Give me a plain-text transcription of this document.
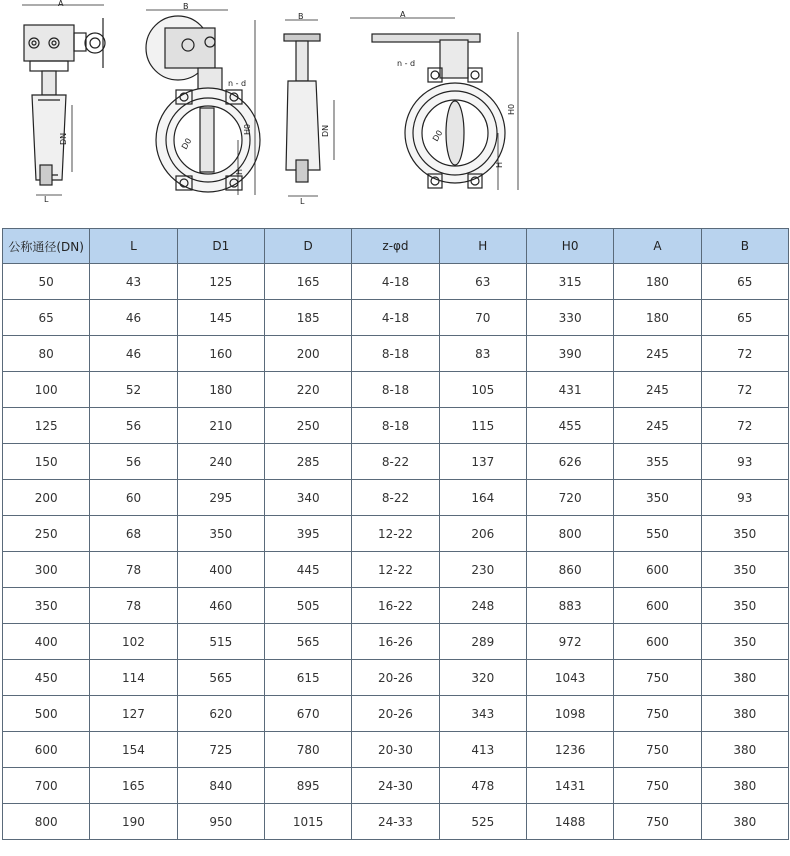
A
L
DN
B
n - d
D0
H0
H
B
L
DN
A
n - d
D0
H0
H
公称通径(DN)	L	D1	D	z-φd	H	H0	A	B
50	43	125	165	4-18	63	315	180	65
65	46	145	185	4-18	70	330	180	65
80	46	160	200	8-18	83	390	245	72
100	52	180	220	8-18	105	431	245	72
125	56	210	250	8-18	115	455	245	72
150	56	240	285	8-22	137	626	355	93
200	60	295	340	8-22	164	720	350	93
250	68	350	395	12-22	206	800	550	350
300	78	400	445	12-22	230	860	600	350
350	78	460	505	16-22	248	883	600	350
400	102	515	565	16-26	289	972	600	350
450	114	565	615	20-26	320	1043	750	380
500	127	620	670	20-26	343	1098	750	380
600	154	725	780	20-30	413	1236	750	380
700	165	840	895	24-30	478	1431	750	380
800	190	950	1015	24-33	525	1488	750	380
